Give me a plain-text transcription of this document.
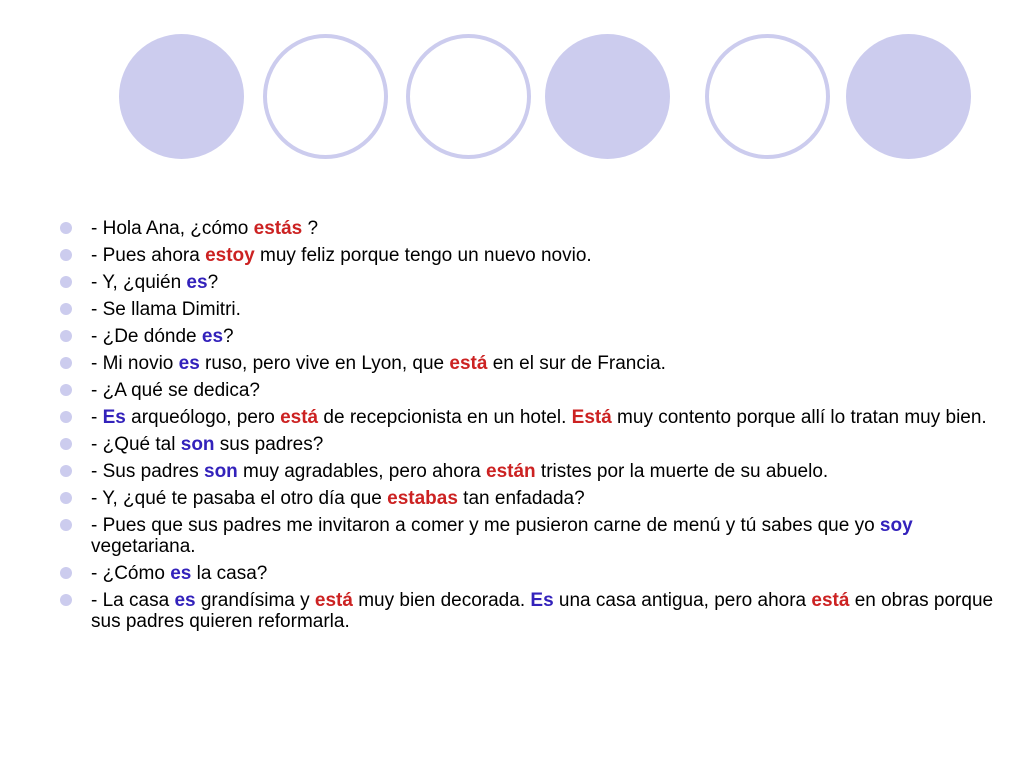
- Hola Ana, ¿cómo estás ?
- Pues ahora estoy muy feliz porque tengo un nuevo novio.
- Y, ¿quién es?
- Se llama Dimitri.
- ¿De dónde es?
- Mi novio es ruso, pero vive en Lyon, que está en el sur de Francia.
- ¿A qué se dedica?
- Es arqueólogo, pero está de recepcionista en un hotel. Está muy contento porque allí lo tratan muy bien.
- ¿Qué tal son sus padres?
- Sus padres son muy agradables, pero ahora están tristes por la muerte de su abuelo.
- Y, ¿qué te pasaba el otro día que estabas tan enfadada?
- Pues que sus padres me invitaron a comer y me pusieron carne de menú y tú sabes que yo soy vegetariana.
- ¿Cómo es la casa?
- La casa es grandísima y está muy bien decorada. Es una casa antigua, pero ahora está en obras porque sus padres quieren reformarla.
